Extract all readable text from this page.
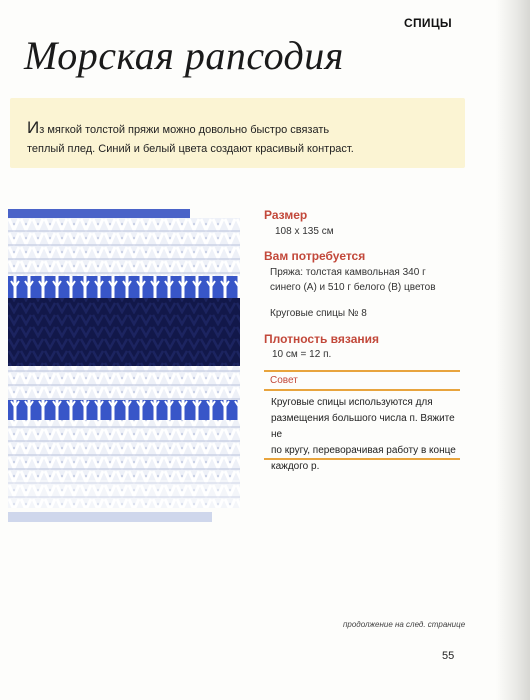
СПИЦЫ
Морская рапсодия
Из мягкой толстой пряжи можно довольно быстро связать
теплый плед. Синий и белый цвета создают красивый контраст.
Размер
108 х 135 см
Вам потребуется
Пряжа: толстая камвольная 340 г
синего (A) и 510 г белого (B) цветов
Круговые спицы № 8
Плотность вязания
10 см = 12 п.
Совет
Круговые спицы используются для
размещения большого числа п. Вяжите не
по кругу, переворачивая работу в конце
каждого р.
продолжение на след. странице
55
